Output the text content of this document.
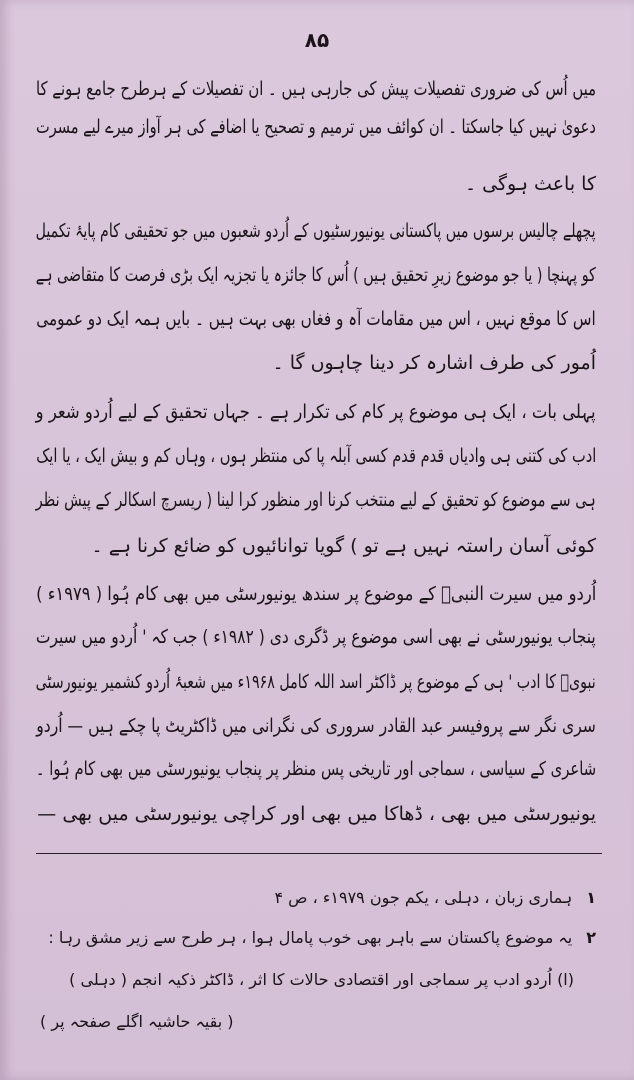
۸۵
میں اُس کی ضروری تفصیلات پیش کی جارہی ہیں ۔ ان تفصیلات کے ہرطرح جامع ہونے کا
دعویٰ نہیں کیا جاسکتا ۔ ان کوائف میں ترمیم و تصحیح یا اضافے کی ہر آواز میرے لیے مسرت
کا باعث ہوگی ۔
پچھلے چالیس برسوں میں پاکستانی یونیورسٹیوں کے اُردو شعبوں میں جو تحقیقی کام پایۂ تکمیل
کو پہنچا ( یا جو موضوع زیرِ تحقیق ہیں ) اُس کا جائزہ یا تجزیہ ایک بڑی فرصت کا متقاضی ہے
اس کا موقع نہیں ، اس میں مقامات آہ و فغاں بھی بہت ہیں ۔ بایں ہمہ ایک دو عمومی
اُمور کی طرف اشارہ کر دینا چاہوں گا ۔
پہلی بات ، ایک ہی موضوع پر کام کی تکرار ہے ۔ جہاں تحقیق کے لیے اُردو شعر و
ادب کی کتنی ہی وادیاں قدم قدم کسی آبلہ پا کی منتظر ہوں ، وہاں کم و بیش ایک ، یا ایک
ہی سے موضوع کو تحقیق کے لیے منتخب کرنا اور منظور کرا لینا ( ریسرچ اسکالر کے پیش نظر
کوئی آسان راستہ نہیں ہے تو ) گویا توانائیوں کو ضائع کرنا ہے ۔
اُردو میں سیرت النبیؐ کے موضوع پر سندھ یونیورسٹی میں بھی کام ہُوا ( ۱۹۷۹ء )
پنجاب یونیورسٹی نے بھی اسی موضوع پر ڈگری دی ( ۱۹۸۲ء ) جب کہ ' اُردو میں سیرت
نبویؐ کا ادب ' ہی کے موضوع پر ڈاکٹر اسد اللہ کامل ۱۹۶۸ء میں شعبۂ اُردو کشمیر یونیورسٹی
سری نگر سے پروفیسر عبد القادر سروری کی نگرانی میں ڈاکٹریٹ پا چکے ہیں — اُردو
شاعری کے سیاسی ، سماجی اور تاریخی پس منظر پر پنجاب یونیورسٹی میں بھی کام ہُوا ۔
یونیورسٹی میں بھی ، ڈھاکا میں بھی اور کراچی یونیورسٹی میں بھی —
۱ہماری زبان ، دہلی ، یکم جون ۱۹۷۹ء ، ص ۴
۲یہ موضوع پاکستان سے باہر بھی خوب پامال ہوا ، ہر طرح سے زیر مشق رہا :
(ا) اُردو ادب پر سماجی اور اقتصادی حالات کا اثر ، ڈاکٹر ذکیہ انجم ( دہلی )
( بقیہ حاشیہ اگلے صفحہ پر )
